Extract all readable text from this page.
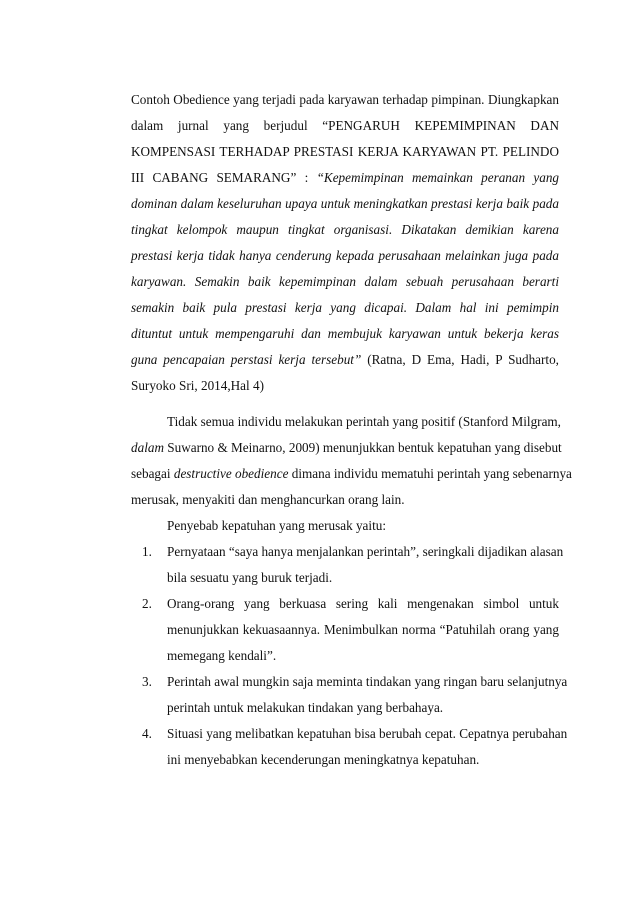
Contoh Obedience yang terjadi pada karyawan terhadap pimpinan. Diungkapkan
dalam jurnal yang berjudul “PENGARUH KEPEMIMPINAN DAN
KOMPENSASI TERHADAP PRESTASI KERJA KARYAWAN PT. PELINDO
III CABANG SEMARANG” : “Kepemimpinan memainkan peranan yang
dominan dalam keseluruhan upaya untuk meningkatkan prestasi kerja baik pada
tingkat kelompok maupun tingkat organisasi. Dikatakan demikian karena
prestasi kerja tidak hanya cenderung kepada perusahaan melainkan juga pada
karyawan. Semakin baik kepemimpinan dalam sebuah perusahaan berarti
semakin baik pula prestasi kerja yang dicapai. Dalam hal ini pemimpin
dituntut untuk mempengaruhi dan membujuk karyawan untuk bekerja keras
guna pencapaian perstasi kerja tersebut” (Ratna, D Ema, Hadi, P Sudharto,
Suryoko Sri, 2014,Hal 4)
Tidak semua individu melakukan perintah yang positif (Stanford Milgram,
dalam Suwarno & Meinarno, 2009) menunjukkan bentuk kepatuhan yang disebut
sebagai destructive obedience dimana individu mematuhi perintah yang sebenarnya
merusak, menyakiti dan menghancurkan orang lain.
Penyebab kepatuhan yang merusak yaitu:
1. Pernyataan “saya hanya menjalankan perintah”, seringkali dijadikan alasan
bila sesuatu yang buruk terjadi.
2. Orang-orang yang berkuasa sering kali mengenakan simbol untuk
menunjukkan kekuasaannya. Menimbulkan norma “Patuhilah orang yang
memegang kendali”.
3. Perintah awal mungkin saja meminta tindakan yang ringan baru selanjutnya
perintah untuk melakukan tindakan yang berbahaya.
4. Situasi yang melibatkan kepatuhan bisa berubah cepat. Cepatnya perubahan
ini menyebabkan kecenderungan meningkatnya kepatuhan.
